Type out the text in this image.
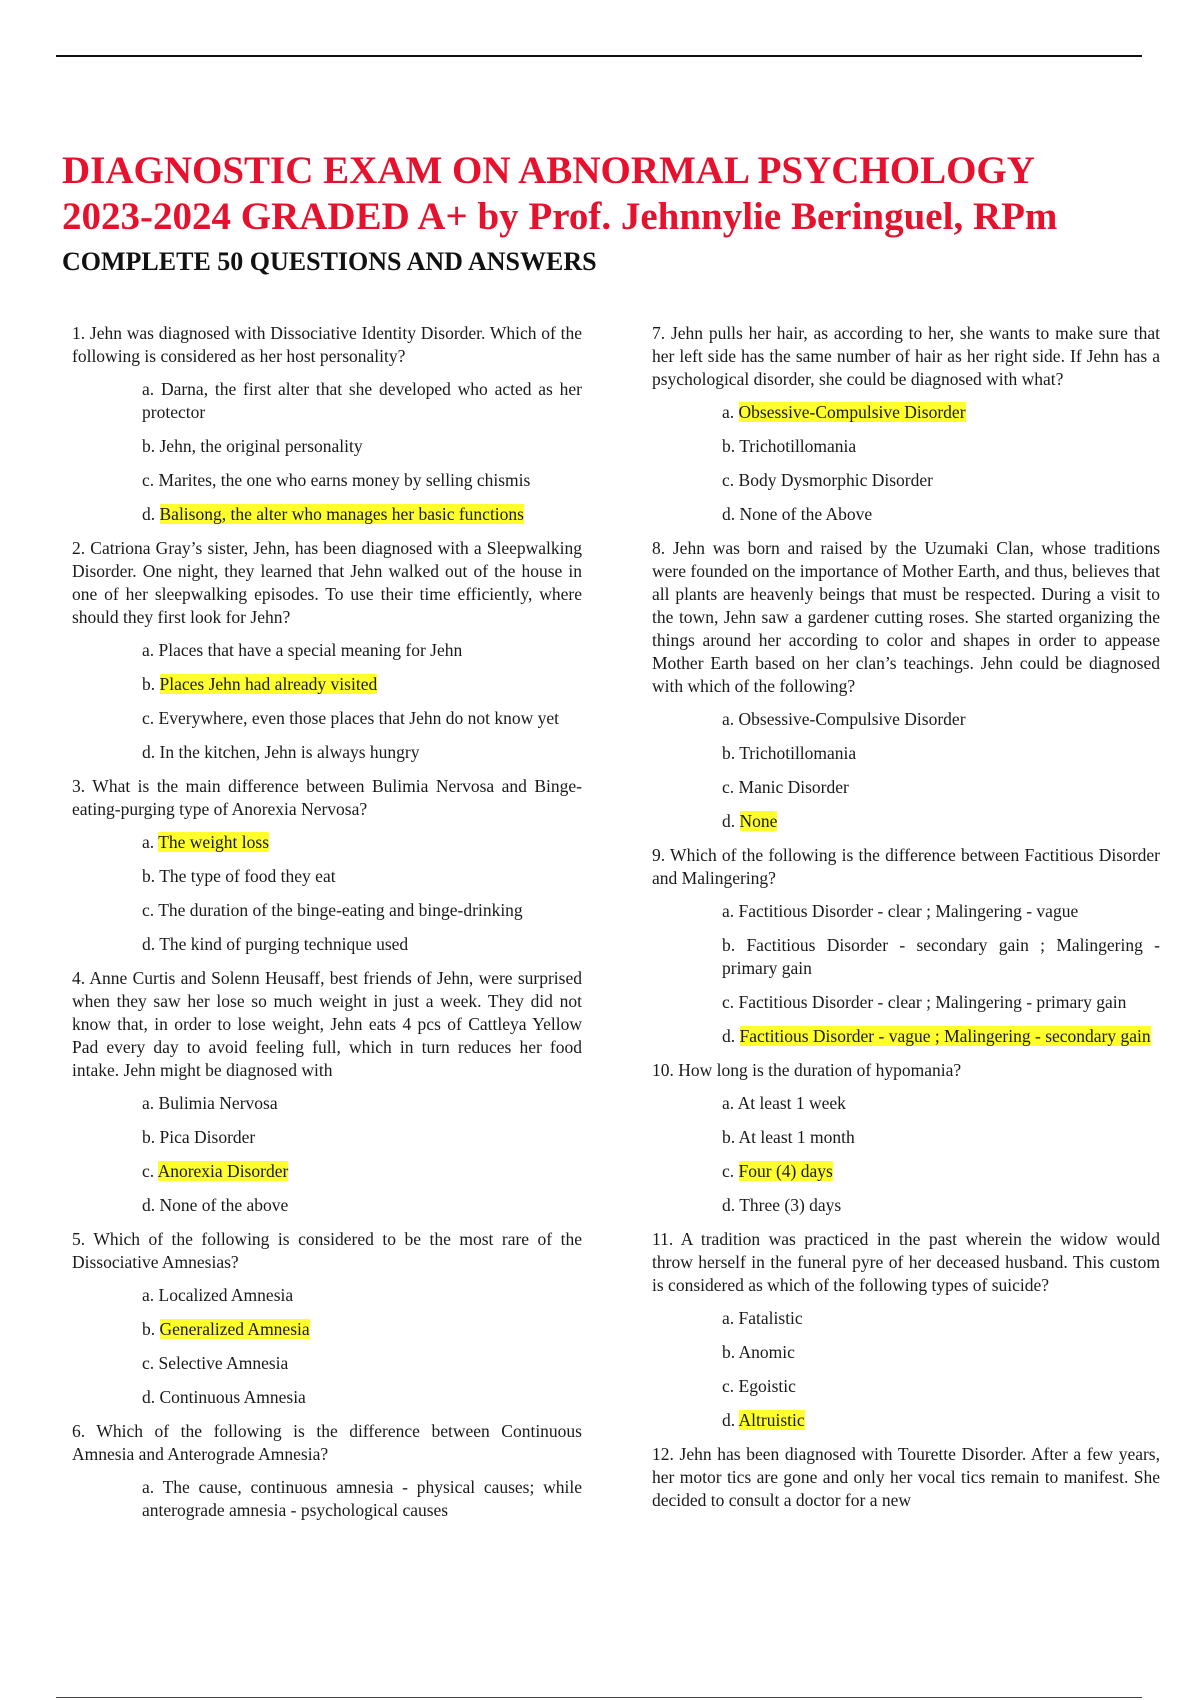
DIAGNOSTIC EXAM ON ABNORMAL PSYCHOLOGY
2023-2024 GRADED A+ by Prof. Jehnnylie Beringuel, RPm
COMPLETE 50 QUESTIONS AND ANSWERS
1. Jehn was diagnosed with Dissociative Identity Disorder. Which of the following is considered as her host personality?
a. Darna, the first alter that she developed who acted as her protector
b. Jehn, the original personality
c. Marites, the one who earns money by selling chismis
d. Balisong, the alter who manages her basic functions
2. Catriona Gray’s sister, Jehn, has been diagnosed with a Sleepwalking Disorder. One night, they learned that Jehn walked out of the house in one of her sleepwalking episodes. To use their time efficiently, where should they first look for Jehn?
a. Places that have a special meaning for Jehn
b. Places Jehn had already visited
c. Everywhere, even those places that Jehn do not know yet
d. In the kitchen, Jehn is always hungry
3. What is the main difference between Bulimia Nervosa and Binge-eating-purging type of Anorexia Nervosa?
a. The weight loss
b. The type of food they eat
c. The duration of the binge-eating and binge-drinking
d. The kind of purging technique used
4. Anne Curtis and Solenn Heusaff, best friends of Jehn, were surprised when they saw her lose so much weight in just a week. They did not know that, in order to lose weight, Jehn eats 4 pcs of Cattleya Yellow Pad every day to avoid feeling full, which in turn reduces her food intake. Jehn might be diagnosed with
a. Bulimia Nervosa
b. Pica Disorder
c. Anorexia Disorder
d. None of the above
5. Which of the following is considered to be the most rare of the Dissociative Amnesias?
a. Localized Amnesia
b. Generalized Amnesia
c. Selective Amnesia
d. Continuous Amnesia
6. Which of the following is the difference between Continuous Amnesia and Anterograde Amnesia?
a. The cause, continuous amnesia - physical causes; while anterograde amnesia - psychological causes
7. Jehn pulls her hair, as according to her, she wants to make sure that her left side has the same number of hair as her right side. If Jehn has a psychological disorder, she could be diagnosed with what?
a. Obsessive-Compulsive Disorder
b. Trichotillomania
c. Body Dysmorphic Disorder
d. None of the Above
8. Jehn was born and raised by the Uzumaki Clan, whose traditions were founded on the importance of Mother Earth, and thus, believes that all plants are heavenly beings that must be respected. During a visit to the town, Jehn saw a gardener cutting roses. She started organizing the things around her according to color and shapes in order to appease Mother Earth based on her clan’s teachings. Jehn could be diagnosed with which of the following?
a. Obsessive-Compulsive Disorder
b. Trichotillomania
c. Manic Disorder
d. None
9. Which of the following is the difference between Factitious Disorder and Malingering?
a. Factitious Disorder - clear ; Malingering - vague
b. Factitious Disorder - secondary gain ; Malingering - primary gain
c. Factitious Disorder - clear ; Malingering - primary gain
d. Factitious Disorder - vague ; Malingering - secondary gain
10. How long is the duration of hypomania?
a. At least 1 week
b. At least 1 month
c. Four (4) days
d. Three (3) days
11. A tradition was practiced in the past wherein the widow would throw herself in the funeral pyre of her deceased husband. This custom is considered as which of the following types of suicide?
a. Fatalistic
b. Anomic
c. Egoistic
d. Altruistic
12. Jehn has been diagnosed with Tourette Disorder. After a few years, her motor tics are gone and only her vocal tics remain to manifest. She decided to consult a doctor for a new
